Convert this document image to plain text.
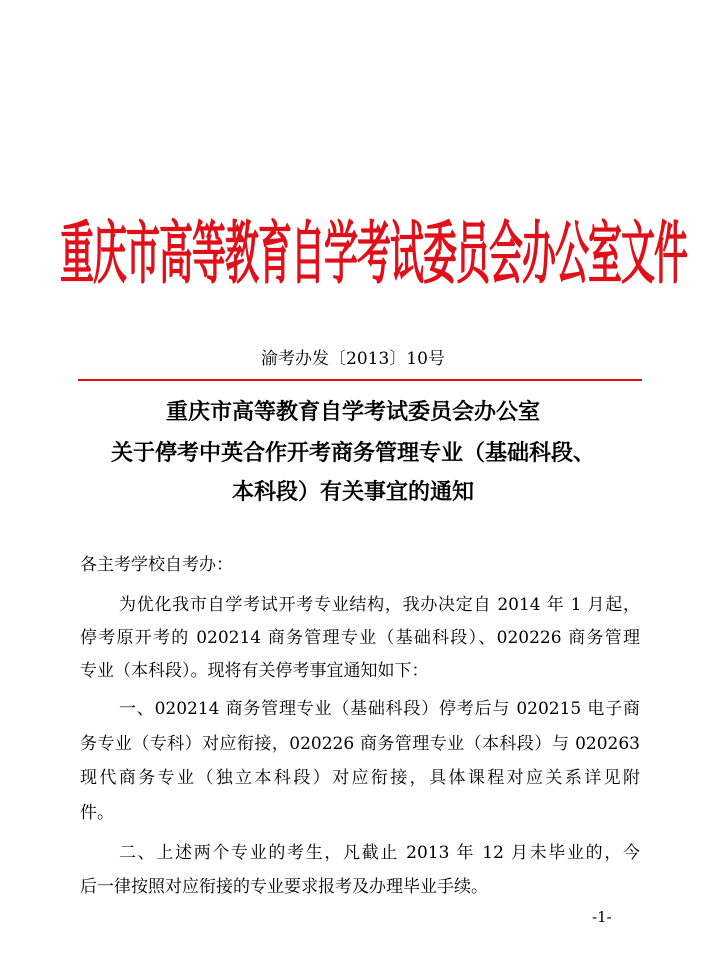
重庆市高等教育自学考试委员会办公室文件
渝考办发〔2013〕10号
重庆市高等教育自学考试委员会办公室
关于停考中英合作开考商务管理专业（基础科段、
本科段）有关事宜的通知
各主考学校自考办：
为优化我市自学考试开考专业结构，我办决定自 2014 年 1 月起，
停考原开考的 020214 商务管理专业（基础科段）、020226 商务管理
专业（本科段）。现将有关停考事宜通知如下：
一、020214 商务管理专业（基础科段）停考后与 020215 电子商
务专业（专科）对应衔接，020226 商务管理专业（本科段）与 020263
现代商务专业（独立本科段）对应衔接，具体课程对应关系详见附
件。
二、上述两个专业的考生，凡截止 2013 年 12 月未毕业的，今
后一律按照对应衔接的专业要求报考及办理毕业手续。
-1-
